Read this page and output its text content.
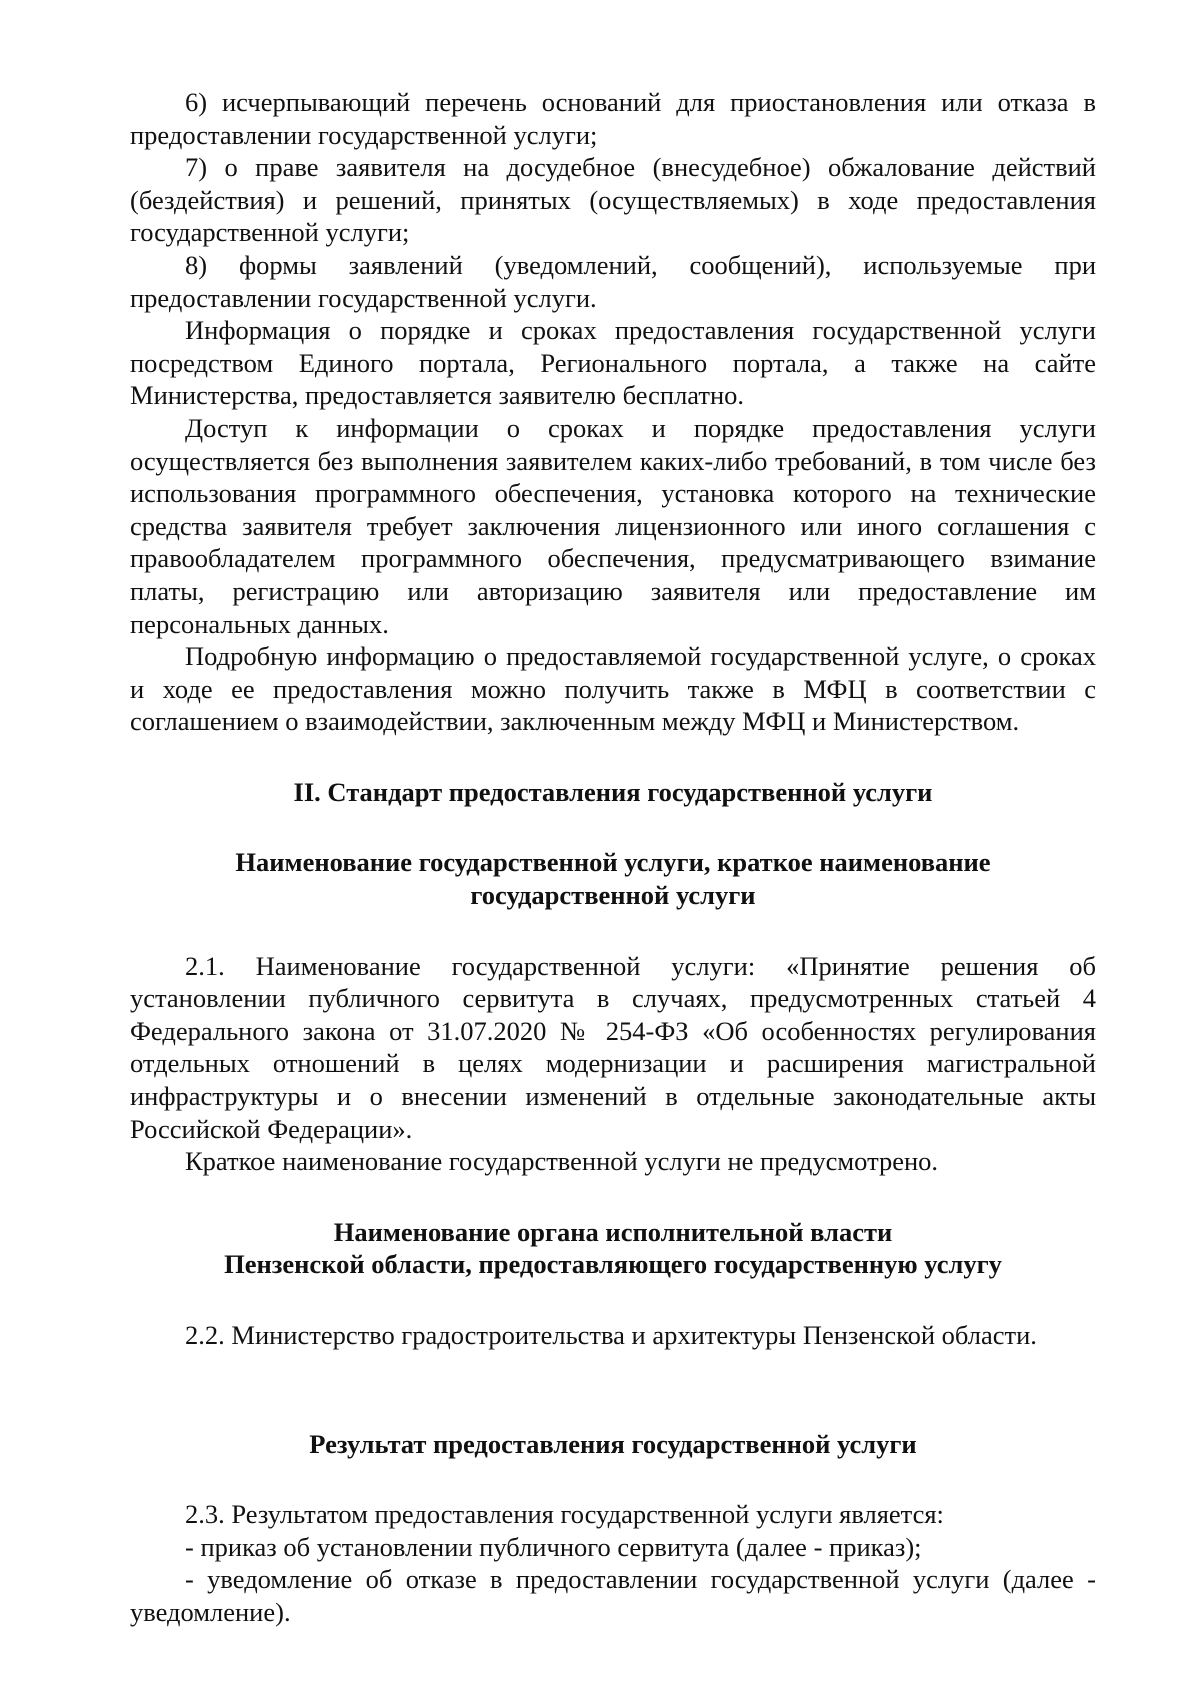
6) исчерпывающий перечень оснований для приостановления или отказа в предоставлении государственной услуги;

7) о праве заявителя на досудебное (внесудебное) обжалование действий (бездействия) и решений, принятых (осуществляемых) в ходе предоставления государственной услуги;

8) формы заявлений (уведомлений, сообщений), используемые при предоставлении государственной услуги.

Информация о порядке и сроках предоставления государственной услуги посредством Единого портала, Регионального портала, а также на сайте Министерства, предоставляется заявителю бесплатно.

Доступ к информации о сроках и порядке предоставления услуги осуществляется без выполнения заявителем каких-либо требований, в том числе без использования программного обеспечения, установка которого на технические средства заявителя требует заключения лицензионного или иного соглашения с правообладателем программного обеспечения, предусматривающего взимание платы, регистрацию или авторизацию заявителя или предоставление им персональных данных.

Подробную информацию о предоставляемой государственной услуге, о сроках и ходе ее предоставления можно получить также в МФЦ в соответствии с соглашением о взаимодействии, заключенным между МФЦ и Министерством.

II. Стандарт предоставления государственной услуги

Наименование государственной услуги, краткое наименование
государственной услуги

2.1. Наименование государственной услуги: «Принятие решения об установлении публичного сервитута в случаях, предусмотренных статьей 4 Федерального закона от 31.07.2020 № 254-ФЗ «Об особенностях регулирования отдельных отношений в целях модернизации и расширения магистральной инфраструктуры и о внесении изменений в отдельные законодательные акты Российской Федерации».

Краткое наименование государственной услуги не предусмотрено.

Наименование органа исполнительной власти
Пензенской области, предоставляющего государственную услугу

2.2. Министерство градостроительства и архитектуры Пензенской области.

Результат предоставления государственной услуги

2.3. Результатом предоставления государственной услуги является:

- приказ об установлении публичного сервитута (далее - приказ);

- уведомление об отказе в предоставлении государственной услуги (далее - уведомление).
